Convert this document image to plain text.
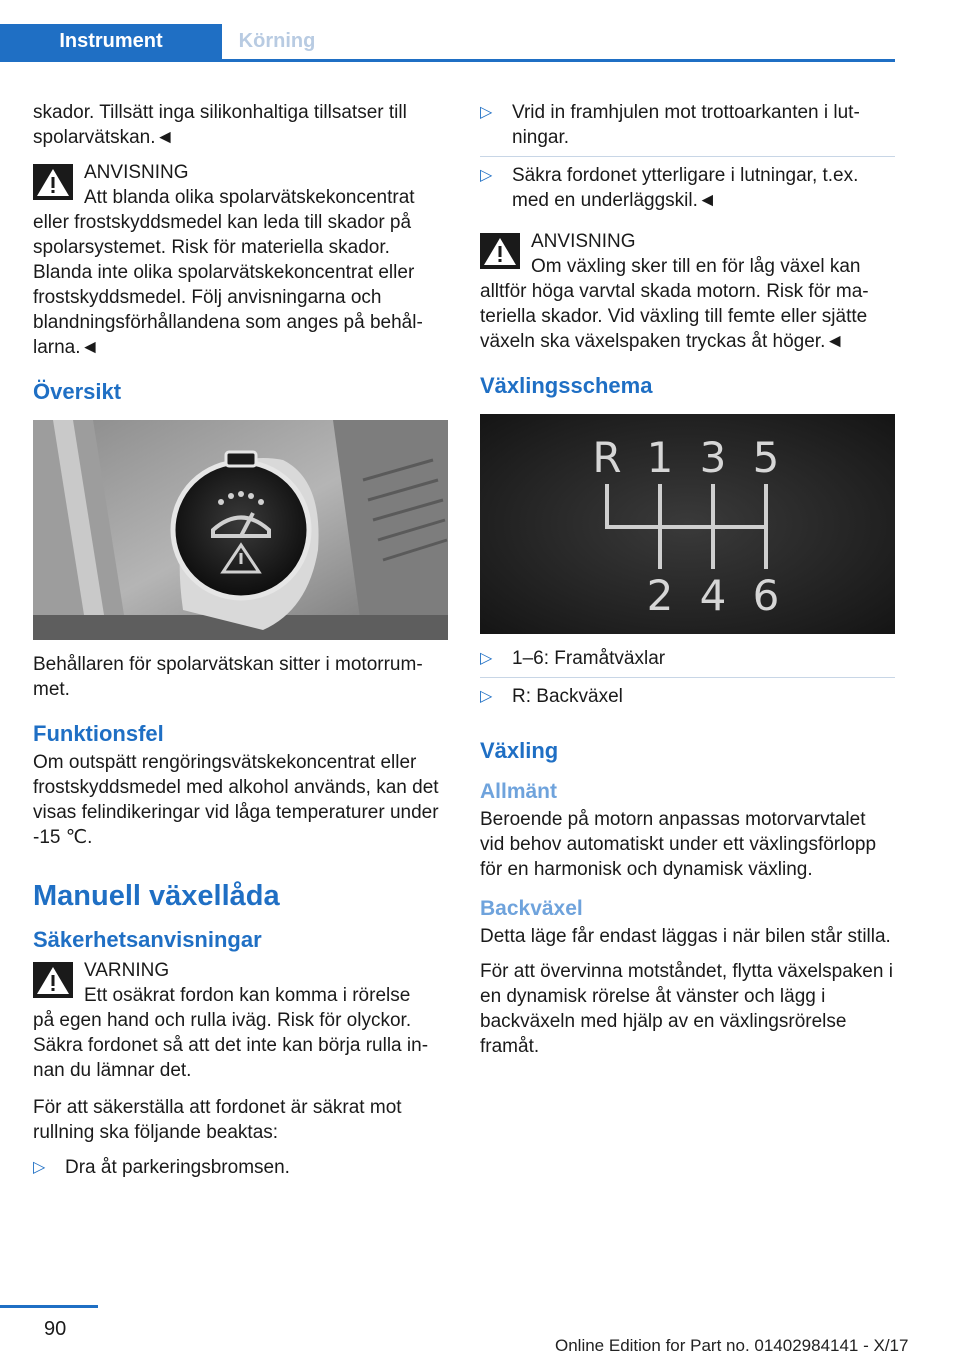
Instrument	Körning

skador. Tillsätt inga silikonhaltiga tillsatser till spolarvätskan.◄

ANVISNING
Att blanda olika spolarvätskekoncentrat
eller frostskyddsmedel kan leda till skador på spolarsystemet. Risk för materiella skador. Blanda inte olika spolarvätskekoncentrat eller frostskyddsmedel. Följ anvisningarna och blandningsförhållandena som anges på behållarna.◄
Översikt

Behållaren för spolarvätskan sitter i motorrummet.

Funktionsfel

Om outspätt rengöringsvätskekoncentrat eller frostskyddsmedel med alkohol används, kan det visas felindikeringar vid låga temperaturer under -15 ℃.

Manuell växellåda
Säkerhetsanvisningar
VARNING
Ett osäkrat fordon kan komma i rörelse
på egen hand och rulla iväg. Risk för olyckor. Säkra fordonet så att det inte kan börja rulla innan du lämnar det.

För att säkerställa att fordonet är säkrat mot rullning ska följande beaktas:

▷ Dra åt parkeringsbromsen.
▷ Vrid in framhjulen mot trottoarkanten i lutningar.
▷ Säkra fordonet ytterligare i lutningar, t.ex. med en underläggskil.◄
ANVISNING
Om växling sker till en för låg växel kan
alltför höga varvtal skada motorn. Risk för materiella skador. Vid växling till femte eller sjätte växeln ska växelspaken tryckas åt höger.◄
Växlingsschema
R 1 3 5
2 4 6
▷ 1–6: Framåtväxlar
▷ R: Backväxel
Växling
Allmänt

Beroende på motorn anpassas motorvarvtalet vid behov automatiskt under ett växlingsförlopp för en harmonisk och dynamisk växling.

Backväxel

Detta läge får endast läggas i när bilen står stilla.

För att övervinna motståndet, flytta växelspaken i en dynamisk rörelse åt vänster och lägg i backväxeln med hjälp av en växlingsrörelse framåt.

90
Online Edition for Part no. 01402984141 - X/17
